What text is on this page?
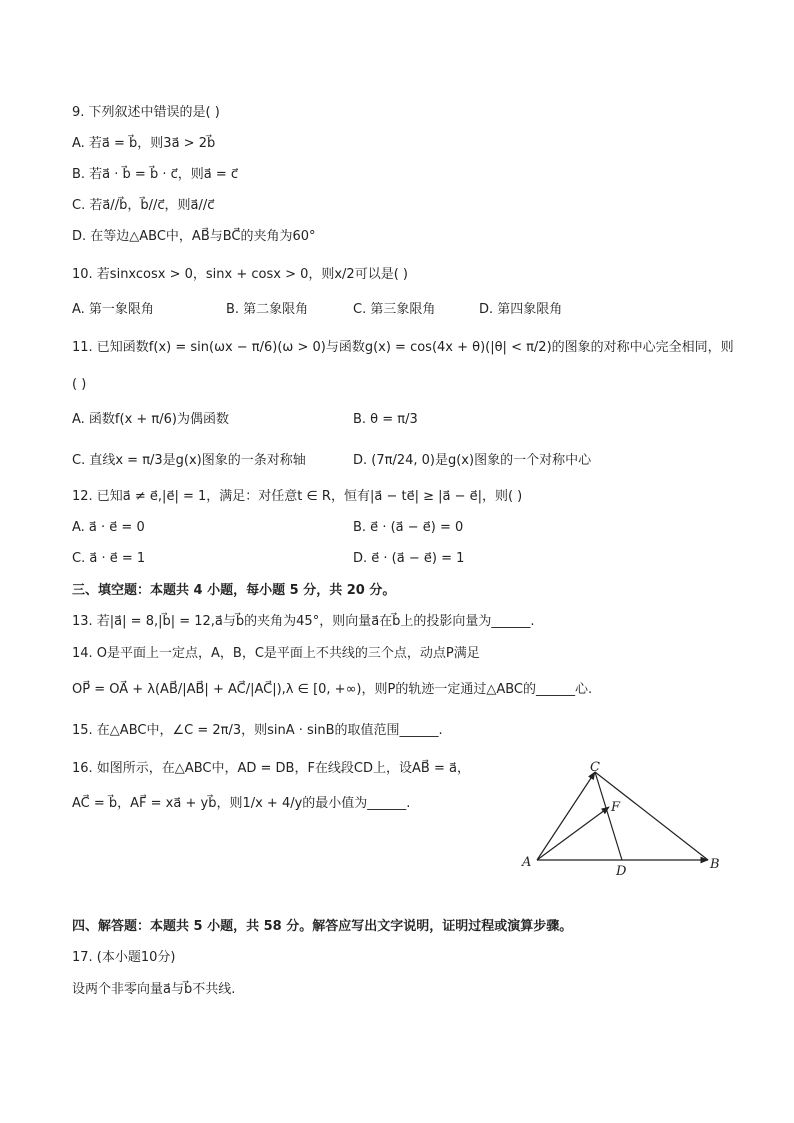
9. 下列叙述中错误的是( )
A. 若a⃗ = b⃗，则3a⃗ > 2b⃗
B. 若a⃗ · b⃗ = b⃗ · c⃗，则a⃗ = c⃗
C. 若a⃗//b⃗，b⃗//c⃗，则a⃗//c⃗
D. 在等边△ABC中，AB⃗与BC⃗的夹角为60°
10. 若sinxcosx > 0，sinx + cosx > 0，则x/2可以是( )
A. 第一象限角	B. 第二象限角	C. 第三象限角	D. 第四象限角
11. 已知函数f(x) = sin(ωx − π/6)(ω > 0)与函数g(x) = cos(4x + θ)(|θ| < π/2)的图象的对称中心完全相同，则
( )
A. 函数f(x + π/6)为偶函数	B. θ = π/3
C. 直线x = π/3是g(x)图象的一条对称轴	D. (7π/24, 0)是g(x)图象的一个对称中心
12. 已知a⃗ ≠ e⃗,|e⃗| = 1，满足：对任意t ∈ R，恒有|a⃗ − te⃗| ≥ |a⃗ − e⃗|，则( )
A. a⃗ · e⃗ = 0	B. e⃗ · (a⃗ − e⃗) = 0
C. a⃗ · e⃗ = 1	D. e⃗ · (a⃗ − e⃗) = 1
三、填空题：本题共 4 小题，每小题 5 分，共 20 分。
13. 若|a⃗| = 8,|b⃗| = 12,a⃗与b⃗的夹角为45°，则向量a⃗在b⃗上的投影向量为______.
14. O是平面上一定点，A，B，C是平面上不共线的三个点，动点P满足
OP⃗ = OA⃗ + λ(AB⃗/|AB⃗| + AC⃗/|AC⃗|),λ ∈ [0, +∞)，则P的轨迹一定通过△ABC的______心.
15. 在△ABC中，∠C = 2π/3，则sinA · sinB的取值范围______.
16. 如图所示，在△ABC中，AD = DB，F在线段CD上，设AB⃗ = a⃗，
AC⃗ = b⃗，AF⃗ = xa⃗ + yb⃗，则1/x + 4/y的最小值为______.
C
F
A
D	B
四、解答题：本题共 5 小题，共 58 分。解答应写出文字说明，证明过程或演算步骤。
17. (本小题10分)
设两个非零向量a⃗与b⃗不共线.
